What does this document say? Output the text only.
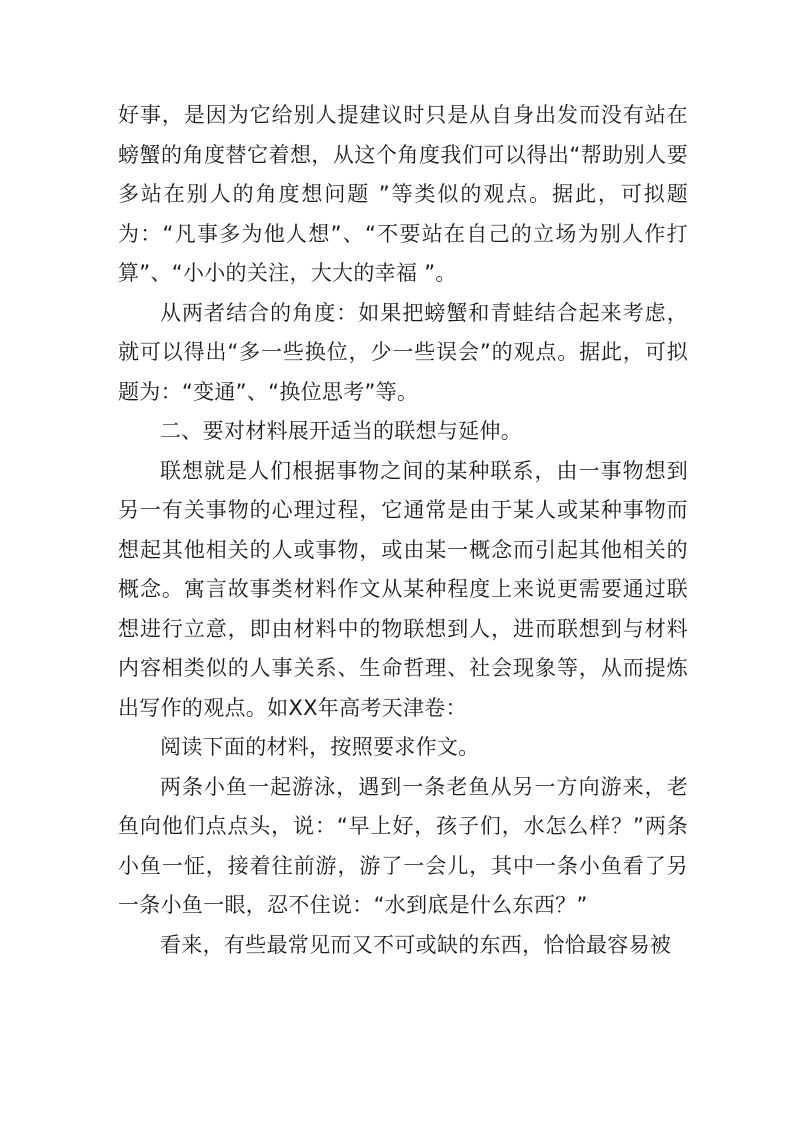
好事，是因为它给别人提建议时只是从自身出发而没有站在螃蟹的角度替它着想，从这个角度我们可以得出“帮助别人要多站在别人的角度想问题 ”等类似的观点。据此，可拟题为：“凡事多为他人想”、“不要站在自己的立场为别人作打算”、“小小的关注，大大的幸福 ”。

从两者结合的角度：如果把螃蟹和青蛙结合起来考虑，就可以得出“多一些换位，少一些误会”的观点。据此，可拟题为：“变通”、“换位思考”等。

二、要对材料展开适当的联想与延伸。

联想就是人们根据事物之间的某种联系，由一事物想到另一有关事物的心理过程，它通常是由于某人或某种事物而想起其他相关的人或事物，或由某一概念而引起其他相关的概念。寓言故事类材料作文从某种程度上来说更需要通过联想进行立意，即由材料中的物联想到人，进而联想到与材料内容相类似的人事关系、生命哲理、社会现象等，从而提炼出写作的观点。如XX年高考天津卷：

阅读下面的材料，按照要求作文。

两条小鱼一起游泳，遇到一条老鱼从另一方向游来，老鱼向他们点点头，说：“早上好，孩子们，水怎么样？”两条小鱼一怔，接着往前游，游了一会儿，其中一条小鱼看了另一条小鱼一眼，忍不住说：“水到底是什么东西？”

看来，有些最常见而又不可或缺的东西，恰恰最容易被
